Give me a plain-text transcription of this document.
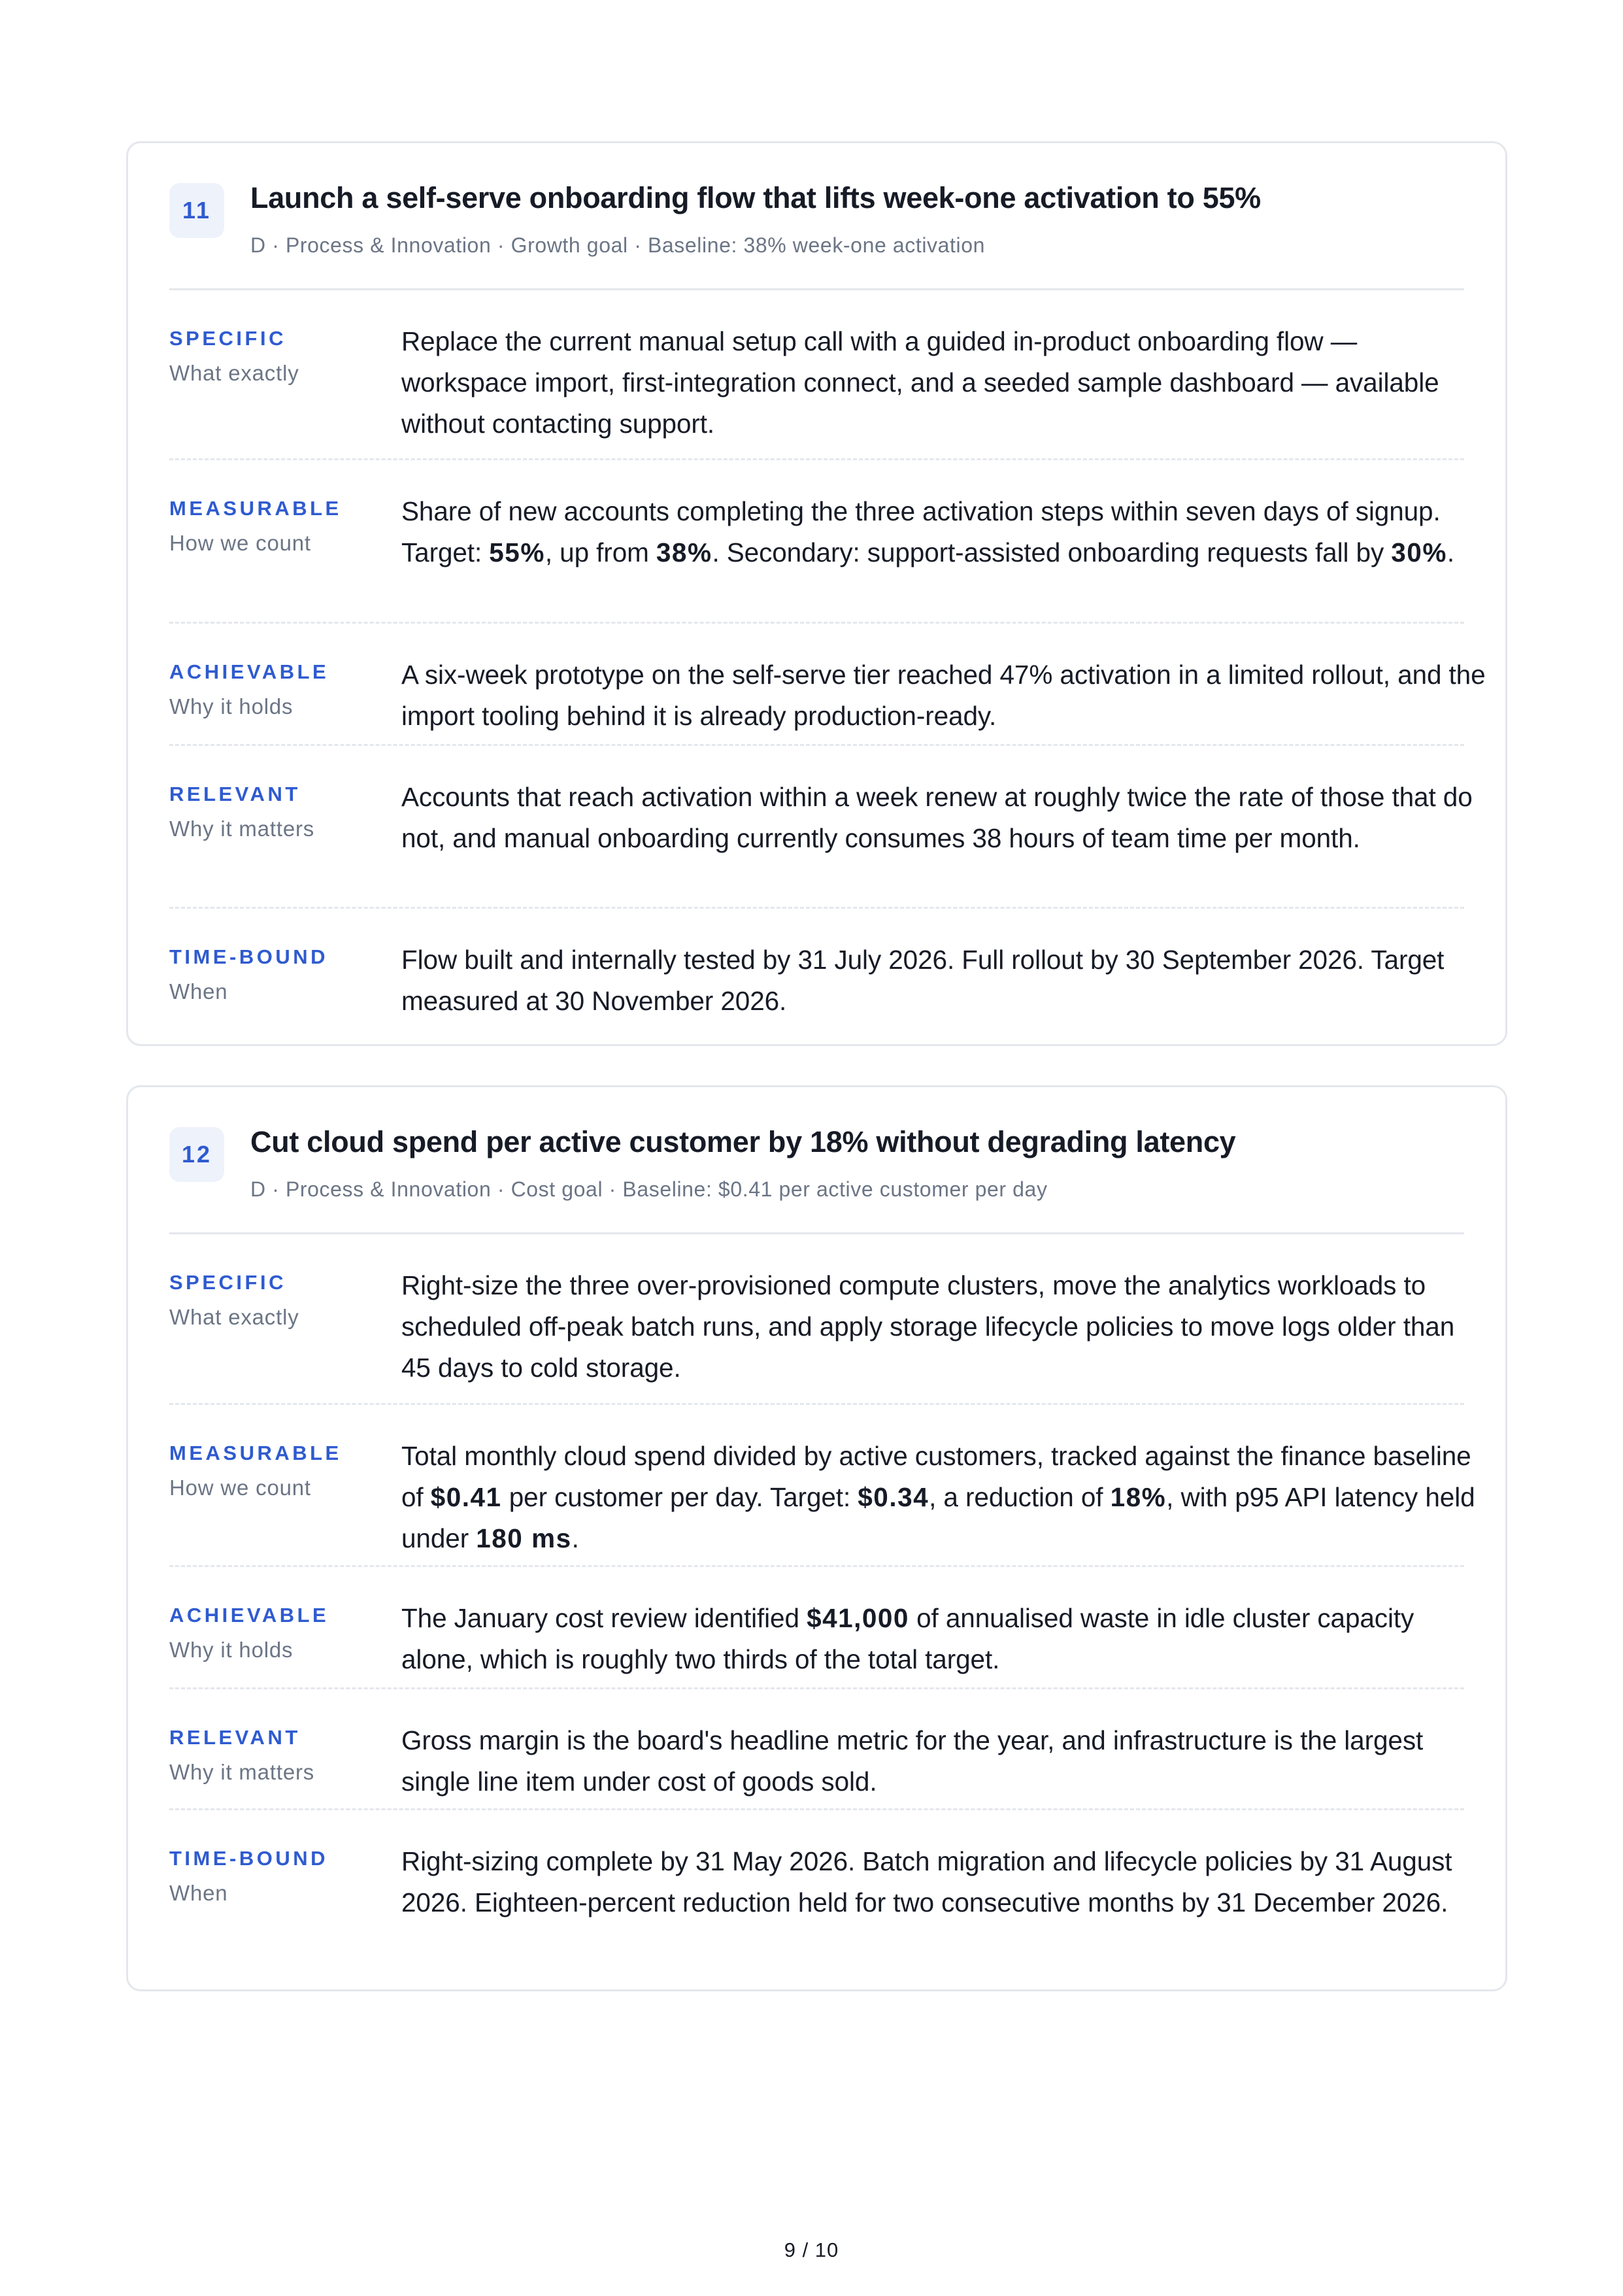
11	Launch a self-serve onboarding flow that lifts week-one activation to 55%
D · Process & Innovation · Growth goal · Baseline: 38% week-one activation
SPECIFIC
What exactly
Replace the current manual setup call with a guided in-product onboarding flow — workspace import, first-integration connect, and a seeded sample dashboard — available without contacting support.
MEASURABLE
How we count
Share of new accounts completing the three activation steps within seven days of signup. Target: 55%, up from 38%. Secondary: support-assisted onboarding requests fall by 30%.
ACHIEVABLE
Why it holds
A six-week prototype on the self-serve tier reached 47% activation in a limited rollout, and the import tooling behind it is already production-ready.
RELEVANT
Why it matters
Accounts that reach activation within a week renew at roughly twice the rate of those that do not, and manual onboarding currently consumes 38 hours of team time per month.
TIME-BOUND
When
Flow built and internally tested by 31 July 2026. Full rollout by 30 September 2026. Target measured at 30 November 2026.
12	Cut cloud spend per active customer by 18% without degrading latency
D · Process & Innovation · Cost goal · Baseline: $0.41 per active customer per day
SPECIFIC
What exactly
Right-size the three over-provisioned compute clusters, move the analytics workloads to scheduled off-peak batch runs, and apply storage lifecycle policies to move logs older than 45 days to cold storage.
MEASURABLE
How we count
Total monthly cloud spend divided by active customers, tracked against the finance baseline of $0.41 per customer per day. Target: $0.34, a reduction of 18%, with p95 API latency held under 180 ms.
ACHIEVABLE
Why it holds
The January cost review identified $41,000 of annualised waste in idle cluster capacity alone, which is roughly two thirds of the total target.
RELEVANT
Why it matters
Gross margin is the board's headline metric for the year, and infrastructure is the largest single line item under cost of goods sold.
TIME-BOUND
When
Right-sizing complete by 31 May 2026. Batch migration and lifecycle policies by 31 August 2026. Eighteen-percent reduction held for two consecutive months by 31 December 2026.
9 / 10
